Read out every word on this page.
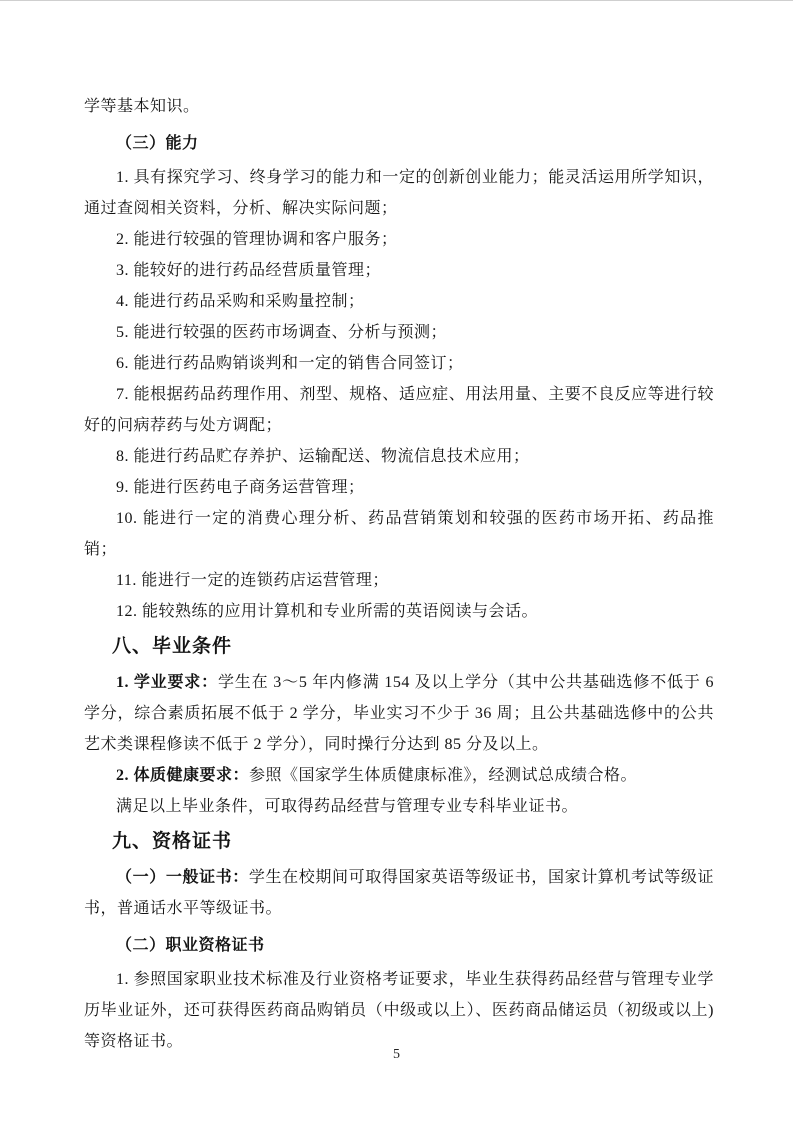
学等基本知识。

（三）能力

1. 具有探究学习、终身学习的能力和一定的创新创业能力；能灵活运用所学知识，通过查阅相关资料，分析、解决实际问题；

2. 能进行较强的管理协调和客户服务；

3. 能较好的进行药品经营质量管理；

4. 能进行药品采购和采购量控制；

5. 能进行较强的医药市场调查、分析与预测；

6. 能进行药品购销谈判和一定的销售合同签订；

7. 能根据药品药理作用、剂型、规格、适应症、用法用量、主要不良反应等进行较好的问病荐药与处方调配；

8. 能进行药品贮存养护、运输配送、物流信息技术应用；

9. 能进行医药电子商务运营管理；

10. 能进行一定的消费心理分析、药品营销策划和较强的医药市场开拓、药品推销；

11. 能进行一定的连锁药店运营管理；

12. 能较熟练的应用计算机和专业所需的英语阅读与会话。

八、毕业条件

1. 学业要求：学生在 3～5 年内修满 154 及以上学分（其中公共基础选修不低于 6 学分，综合素质拓展不低于 2 学分，毕业实习不少于 36 周；且公共基础选修中的公共艺术类课程修读不低于 2 学分），同时操行分达到 85 分及以上。

2. 体质健康要求：参照《国家学生体质健康标准》，经测试总成绩合格。

满足以上毕业条件，可取得药品经营与管理专业专科毕业证书。

九、资格证书

（一）一般证书：学生在校期间可取得国家英语等级证书，国家计算机考试等级证书，普通话水平等级证书。

（二）职业资格证书

1. 参照国家职业技术标准及行业资格考证要求，毕业生获得药品经营与管理专业学历毕业证外，还可获得医药商品购销员（中级或以上）、医药商品储运员（初级或以上)等资格证书。

5
